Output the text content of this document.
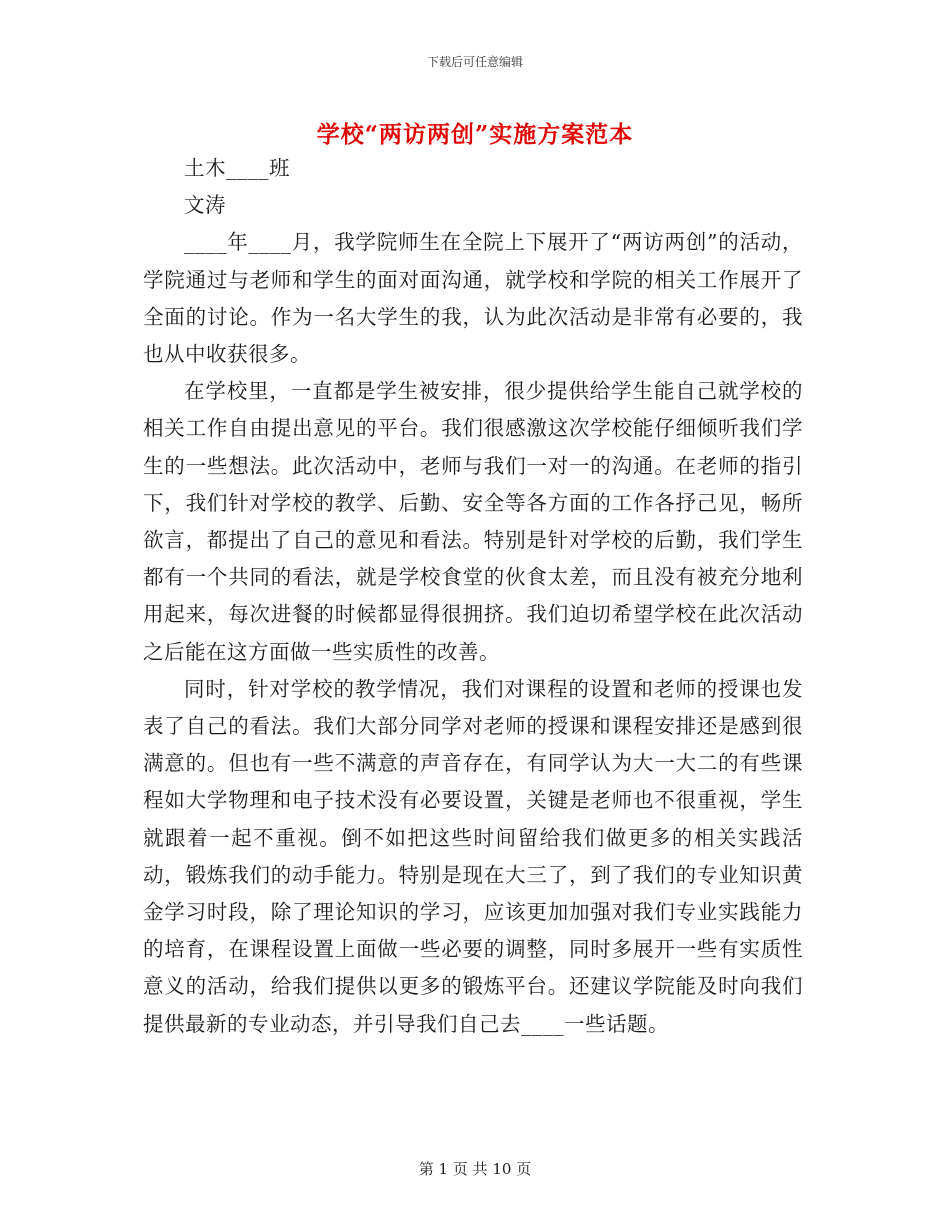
下载后可任意编辑
学校“两访两创”实施方案范本

土木____班

文涛

____年____月，我学院师生在全院上下展开了“两访两创”的活动，学院通过与老师和学生的面对面沟通，就学校和学院的相关工作展开了全面的讨论。作为一名大学生的我，认为此次活动是非常有必要的，我也从中收获很多。

在学校里，一直都是学生被安排，很少提供给学生能自己就学校的相关工作自由提出意见的平台。我们很感激这次学校能仔细倾听我们学生的一些想法。此次活动中，老师与我们一对一的沟通。在老师的指引下，我们针对学校的教学、后勤、安全等各方面的工作各抒己见，畅所欲言，都提出了自己的意见和看法。特别是针对学校的后勤，我们学生都有一个共同的看法，就是学校食堂的伙食太差，而且没有被充分地利用起来，每次进餐的时候都显得很拥挤。我们迫切希望学校在此次活动之后能在这方面做一些实质性的改善。

同时，针对学校的教学情况，我们对课程的设置和老师的授课也发表了自己的看法。我们大部分同学对老师的授课和课程安排还是感到很满意的。但也有一些不满意的声音存在，有同学认为大一大二的有些课程如大学物理和电子技术没有必要设置，关键是老师也不很重视，学生就跟着一起不重视。倒不如把这些时间留给我们做更多的相关实践活动，锻炼我们的动手能力。特别是现在大三了，到了我们的专业知识黄金学习时段，除了理论知识的学习，应该更加加强对我们专业实践能力的培育，在课程设置上面做一些必要的调整，同时多展开一些有实质性意义的活动，给我们提供以更多的锻炼平台。还建议学院能及时向我们提供最新的专业动态，并引导我们自己去____一些话题。

第 1 页 共 10 页
